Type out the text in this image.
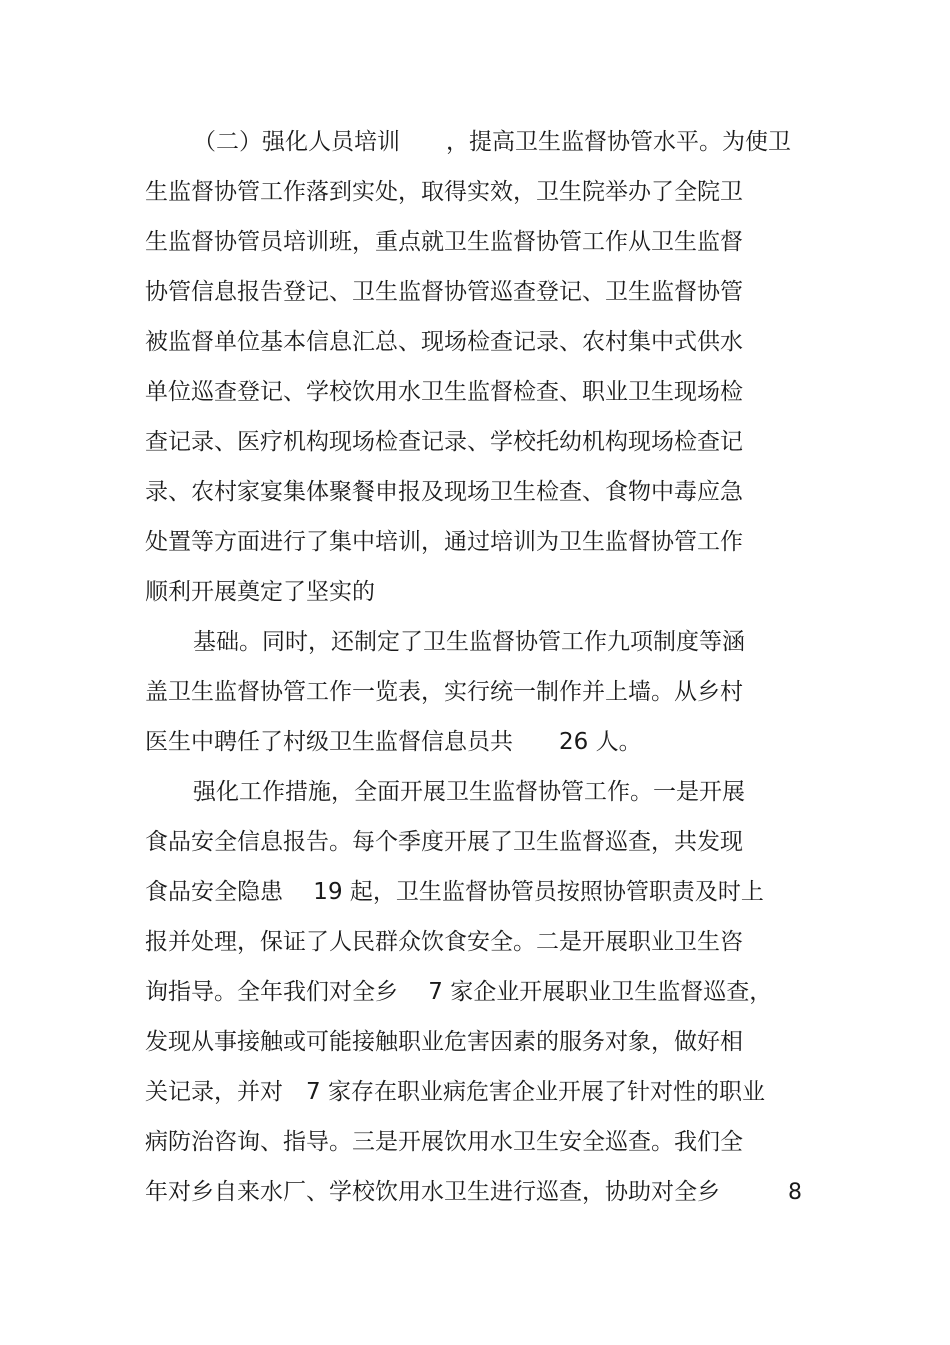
（二）强化人员培训　　，提高卫生监督协管水平。为使卫
生监督协管工作落到实处，取得实效，卫生院举办了全院卫
生监督协管员培训班，重点就卫生监督协管工作从卫生监督
协管信息报告登记、卫生监督协管巡查登记、卫生监督协管
被监督单位基本信息汇总、现场检查记录、农村集中式供水
单位巡查登记、学校饮用水卫生监督检查、职业卫生现场检
查记录、医疗机构现场检查记录、学校托幼机构现场检查记
录、农村家宴集体聚餐申报及现场卫生检查、食物中毒应急
处置等方面进行了集中培训，通过培训为卫生监督协管工作
顺利开展奠定了坚实的
基础。同时，还制定了卫生监督协管工作九项制度等涵
盖卫生监督协管工作一览表，实行统一制作并上墙。从乡村
医生中聘任了村级卫生监督信息员共　　26 人。
强化工作措施，全面开展卫生监督协管工作。一是开展
食品安全信息报告。每个季度开展了卫生监督巡查，共发现
食品安全隐患　 19 起，卫生监督协管员按照协管职责及时上
报并处理，保证了人民群众饮食安全。二是开展职业卫生咨
询指导。全年我们对全乡　 7 家企业开展职业卫生监督巡查，
发现从事接触或可能接触职业危害因素的服务对象，做好相
关记录，并对　7 家存在职业病危害企业开展了针对性的职业
病防治咨询、指导。三是开展饮用水卫生安全巡查。我们全
年对乡自来水厂、学校饮用水卫生进行巡查，协助对全乡	8
